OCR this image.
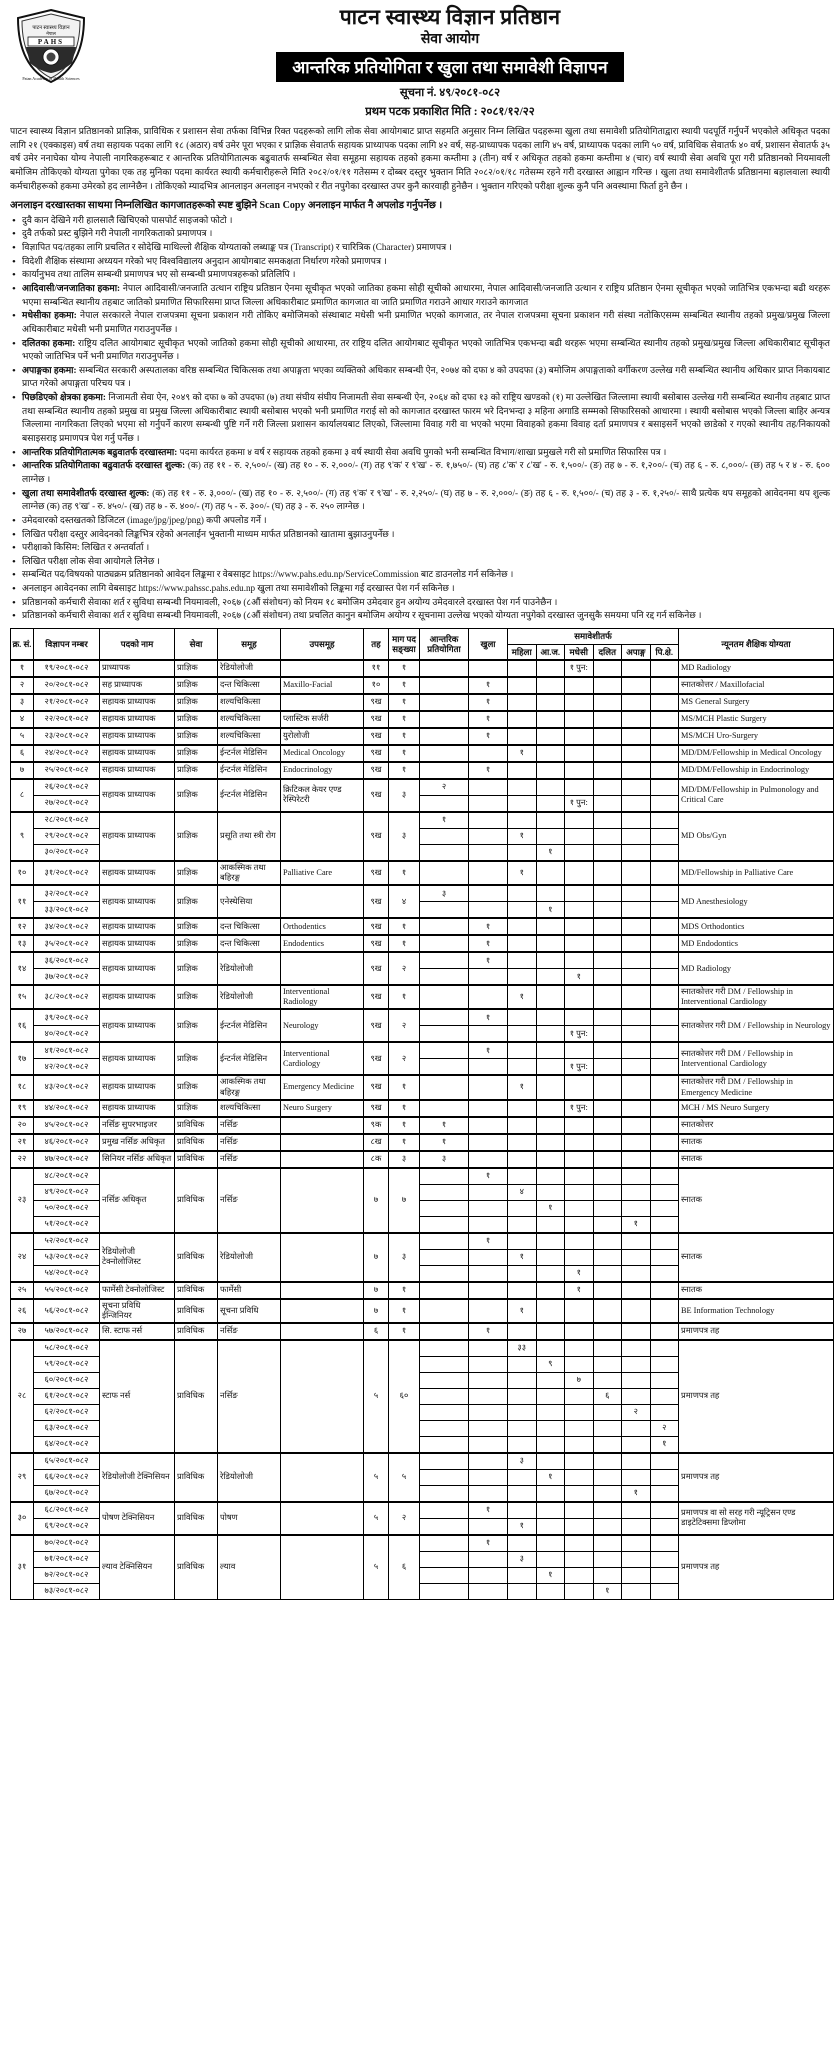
पाटन स्वास्थ्य विज्ञान
नेपाल
PAHS
Patan Academy of Health Sciences
पाटन स्वास्थ्य विज्ञान प्रतिष्ठान
सेवा आयोग
आन्तरिक प्रतियोगिता र खुला तथा समावेशी विज्ञापन
सूचना नं. ४९/२०८१-०८२
प्रथम पटक प्रकाशित मिति : २०८१/१२/२२
पाटन स्वास्थ्य विज्ञान प्रतिष्ठानको प्राज्ञिक, प्राविधिक र प्रशासन सेवा तर्फका विभिन्न रिक्त पदहरूको लागि लोक सेवा आयोगबाट प्राप्त सहमति अनुसार निम्न लिखित पदहरूमा खुला तथा समावेशी प्रतियोगिताद्वारा स्थायी पदपूर्ति गर्नुपर्ने भएकोले अधिकृत पदका लागि २१ (एक्काइस) वर्ष तथा सहायक पदका लागि १८ (अठार) वर्ष उमेर पूरा भएका र प्राज्ञिक सेवातर्फ सहायक प्राध्यापक पदका लागि ४२ वर्ष, सह-प्राध्यापक पदका लागि ४५ वर्ष, प्राध्यापक पदका लागि ५० वर्ष, प्राविधिक सेवातर्फ ४० वर्ष, प्रशासन सेवातर्फ ३५ वर्ष उमेर ननाघेका योग्य नेपाली नागरिकहरूबाट र आन्तरिक प्रतियोगितात्मक बढुवातर्फ सम्बन्धित सेवा समूहमा सहायक तहको हकमा कम्तीमा ३ (तीन) वर्ष र अधिकृत तहको हकमा कम्तीमा ४ (चार) वर्ष स्थायी सेवा अवधि पूरा गरी प्रतिष्ठानको नियमावली बमोजिम तोकिएको योग्यता पुगेका एक तह मुनिका पदमा कार्यरत स्थायी कर्मचारीहरूले मिति २०८२/०१/११ गतेसम्म र दोब्बर दस्तुर भुक्तान मिति २०८२/०१/१८ गतेसम्म रहने गरी दरखास्त आह्वान गरिन्छ । खुला तथा समावेशीतर्फ प्रतिष्ठानमा बहालवाला स्थायी कर्मचारीहरूको हकमा उमेरको हद लाग्नेछैन । तोकिएको म्यादभित्र आनलाइन अनलाइन नभएको र रीत नपुगेका दरखास्त उपर कुनै कारवाही हुनेछैन । भुक्तान गरिएको परीक्षा शुल्क कुनै पनि अवस्थामा फिर्ता हुने छैन ।
अनलाइन दरखास्तका साथमा निम्नलिखित कागजातहरूको स्पष्ट बुझिने Scan Copy अनलाइन मार्फत नै अपलोड गर्नुपर्नेछ ।
• दुवै कान देखिने गरी हालसालै खिचिएको पासपोर्ट साइजको फोटो ।
• दुवै तर्फको प्रस्ट बुझिने गरी नेपाली नागरिकताको प्रमाणपत्र ।
• विज्ञापित पद/तहका लागि प्रचलित र सोदेखि माथिल्लो शैक्षिक योग्यताको लब्धाङ्क पत्र (Transcript) र चारित्रिक (Character) प्रमाणपत्र ।
• विदेशी शैक्षिक संस्थामा अध्ययन गरेको भए विश्वविद्यालय अनुदान आयोगबाट समकक्षता निर्धारण गरेको प्रमाणपत्र ।
• कार्यानुभव तथा तालिम सम्बन्धी प्रमाणपत्र भए सो सम्बन्धी प्रमाणपत्रहरूको प्रतिलिपि ।
• आदिवासी/जनजातिका हकमा: नेपाल आदिवासी/जनजाति उत्थान राष्ट्रिय प्रतिष्ठान ऐनमा सूचीकृत भएको जातिका हकमा सोही सूचीको आधारमा, नेपाल आदिवासी/जनजाति उत्थान र राष्ट्रिय प्रतिष्ठान ऐनमा सूचीकृत भएको जातिभित्र एकभन्दा बढी थरहरू भएमा सम्बन्धित स्थानीय तहबाट जातिको प्रमाणित सिफारिसमा प्राप्त जिल्ला अधिकारीबाट प्रमाणित कागजात वा जाति प्रमाणित गराउने आधार गराउने कागजात
• मधेसीका हकमा: नेपाल सरकारले नेपाल राजपत्रमा सूचना प्रकाशन गरी तोकिए बमोजिमको संस्थाबाट मधेसी भनी प्रमाणित भएको कागजात, तर नेपाल राजपत्रमा सूचना प्रकाशन गरी संस्था नतोकिएसम्म सम्बन्धित स्थानीय तहको प्रमुख/प्रमुख जिल्ला अधिकारीबाट मधेसी भनी प्रमाणित गराउनुपर्नेछ ।
• दलितका हकमा: राष्ट्रिय दलित आयोगबाट सूचीकृत भएको जातिको हकमा सोही सूचीको आधारमा, तर राष्ट्रिय दलित आयोगबाट सूचीकृत भएको जातिभित्र एकभन्दा बढी थरहरू भएमा सम्बन्धित स्थानीय तहको प्रमुख/प्रमुख जिल्ला अधिकारीबाट सूचीकृत भएको जातिभित्र पर्ने भनी प्रमाणित गराउनुपर्नेछ ।
• अपाङ्गका हकमा: सम्बन्धित सरकारी अस्पतालका वरिष्ठ सम्बन्धित चिकित्सक तथा अपाङ्गता भएका व्यक्तिको अधिकार सम्बन्धी ऐन, २०७४ को दफा ४ को उपदफा (३) बमोजिम अपाङ्गताको वर्गीकरण उल्लेख गरी सम्बन्धित स्थानीय अधिकार प्राप्त निकायबाट प्राप्त गरेको अपाङ्गता परिचय पत्र ।
• पिछडिएको क्षेत्रका हकमा: निजामती सेवा ऐन, २०४९ को दफा ७ को उपदफा (७) तथा संघीय संघीय निजामती सेवा सम्बन्धी ऐन, २०६४ को दफा १३ को राष्ट्रिय खण्डको (१) मा उल्लेखित जिल्लामा स्थायी बसोबास उल्लेख गरी सम्बन्धित स्थानीय तहबाट प्राप्त तथा सम्बन्धित स्थानीय तहको प्रमुख वा प्रमुख जिल्ला अधिकारीबाट स्थायी बसोबास भएको भनी प्रमाणित गराई सो को कागजात दरखास्त फारम भरे दिनभन्दा ३ महिना अगाडि सम्म्मको सिफारिसको आधारमा । स्थायी बसोबास भएको जिल्ला बाहिर अन्यत्र जिल्लामा नागरिकता लिएको भएमा सो गर्नुपर्ने कारण सम्बन्धी पुष्टि गर्ने गरी जिल्ला प्रशासन कार्यालयबाट लिएको, जिल्लामा विवाह गरी वा भएको भएमा विवाहको हकमा विवाह दर्ता प्रमाणपत्र र बसाइसर्ने भएको छाडेको र गएको स्थानीय तह/निकायको बसाइसराइ प्रमाणपत्र पेश गर्नु पर्नेछ ।
• आन्तरिक प्रतियोगितात्मक बढुवातर्फ दरखास्तमा: पदमा कार्यरत हकमा ४ वर्ष र सहायक तहको हकमा ३ वर्ष स्थायी सेवा अवधि पुगको भनी सम्बन्धित विभाग/शाखा प्रमुखले गरी सो प्रमाणित सिफारिस पत्र ।
• आन्तरिक प्रतियोगिताका बढुवातर्फ दरखास्त शुल्क: (क) तह ११ - रु. २,५००/- (ख) तह १० - रु. २,०००/- (ग) तह ९'क' र ९'ख' - रु. १,७५०/- (घ) तह ८'क' र ८'ख' - रु. १,५००/- (ङ) तह ७ - रु. १,२००/- (च) तह ६ - रु. ८,०००/- (छ) तह ५ र ४ - रु. ६०० लाग्नेछ ।
• खुला तथा समावेशीतर्फ दरखास्त शुल्क: (क) तह ११ - रु. ३,०००/- (ख) तह १० - रु. २,५००/- (ग) तह ९'क' र ९'ख' - रु. २,२५०/- (घ) तह ७ - रु. २,०००/- (ङ) तह ६ - रु. १,५००/- (च) तह ३ - रु. १,२५०/- साथै प्रत्येक थप समूहको आवेदनमा थप शुल्क लाग्नेछ (क) तह ९'ख' - रु. ४५०/- (ख) तह ७ - रु. ४००/- (ग) तह ५ - रु. ३००/- (घ) तह ३ - रु. २५० लाग्नेछ ।
• उमेदवारको दस्तखतको डिजिटल (image/jpg/jpeg/png) कपी अपलोड गर्ने ।
• लिखित परीक्षा दस्तुर आवेदनको लिङ्कभित्र रहेको अनलाईन भुक्तानी माध्यम मार्फत प्रतिष्ठानको खातामा बुझाउनुपर्नेछ ।
• परीक्षाको किसिम: लिखित र अन्तर्वार्ता ।
• लिखित परीक्षा लोक सेवा आयोगले लिनेछ ।
• सम्बन्धित पद/विषयको पाठ्यक्रम प्रतिष्ठानको आवेदन लिङ्कमा र वेबसाइट https://www.pahs.edu.np/ServiceCommission बाट डाउनलोड गर्न सकिनेछ ।
• अनलाइन आवेदनका लागि वेबसाइट https://www.pahssc.pahs.edu.np खुला तथा समावेशीको लिङ्कमा गई दरखास्त पेश गर्न सकिनेछ ।
• प्रतिष्ठानको कर्मचारी सेवाका शर्त र सुविधा सम्बन्धी नियमावली, २०६७ (८औं संशोधन) को नियम १८ बमोजिम उमेदवार हुन अयोग्य उमेदवारले दरखास्त पेश गर्न पाउनेछैन ।
• प्रतिष्ठानको कर्मचारी सेवाका शर्त र सुविधा सम्बन्धी नियमावली, २०६७ (८औं संशोधन) तथा प्रचलित कानुन बमोजिम अयोग्य र सूचनामा उल्लेख भएको योग्यता नपुगेको दरखास्त जुनसुकै समयमा पनि रद्द गर्न सकिनेछ ।
क्र. सं.	विज्ञापन नम्बर	पदको नाम	सेवा	समूह	उपसमूह	तह	माग पद सङ्ख्या	आन्तरिक प्रतियोगिता	खुला	समावेशीतर्फ						न्यूनतम शैक्षिक योग्यता
										महिला	आ.ज.	मधेसी	दलित	अपाङ्ग	पि.क्षे.	
१	१९/२०८१-०८२	प्राध्यापक	प्राज्ञिक	रेडियोलोजी		११	१					१ पुन:				MD Radiology
२	२०/२०८१-०८२	सह प्राध्यापक	प्राज्ञिक	दन्त चिकित्सा	Maxillo-Facial	१०	१		१							स्नातकोत्तर / Maxillofacial
३	२१/२०८१-०८२	सहायक प्राध्यापक	प्राज्ञिक	शल्यचिकित्सा		९ख	१		१							MS General Surgery
४	२२/२०८१-०८२	सहायक प्राध्यापक	प्राज्ञिक	शल्यचिकित्सा	प्लास्टिक सर्जरी	९ख	१		१							MS/MCH Plastic Surgery
५	२३/२०८१-०८२	सहायक प्राध्यापक	प्राज्ञिक	शल्यचिकित्सा	युरोलोजी	९ख	१		१							MS/MCH Uro-Surgery
६	२४/२०८१-०८२	सहायक प्राध्यापक	प्राज्ञिक	ईन्टर्नल मेडिसिन	Medical Oncology	९ख	१			१						MD/DM/Fellowship in Medical Oncology
७	२५/२०८१-०८२	सहायक प्राध्यापक	प्राज्ञिक	ईन्टर्नल मेडिसिन	Endocrinology	९ख	१		१							MD/DM/Fellowship in Endocrinology
८	२६/२०८१-०८२	सहायक प्राध्यापक	प्राज्ञिक	ईन्टर्नल मेडिसिन	क्रिटिकल केयर एण्ड रेस्पिरेटरी	९ख	३	२								MD/DM/Fellowship in Pulmonology and Critical Care
	२७/२०८१-०८२											१ पुन:				
९	२८/२०८१-०८२	सहायक प्राध्यापक	प्राज्ञिक	प्रसूति तथा स्त्री रोग		९ख	३	१								MD Obs/Gyn
	२९/२०८१-०८२									१						
	३०/२०८१-०८२										१					
१०	३१/२०८१-०८२	सहायक प्राध्यापक	प्राज्ञिक	आकस्मिक तथा बहिरङ्ग	Palliative Care	९ख	१			१						MD/Fellowship in Palliative Care
११	३२/२०८१-०८२	सहायक प्राध्यापक	प्राज्ञिक	एनेस्थेसिया		९ख	४	३								MD Anesthesiology
	३३/२०८१-०८२										१					
१२	३४/२०८१-०८२	सहायक प्राध्यापक	प्राज्ञिक	दन्त चिकित्सा	Orthodentics	९ख	१		१							MDS Orthodontics
१३	३५/२०८१-०८२	सहायक प्राध्यापक	प्राज्ञिक	दन्त चिकित्सा	Endodentics	९ख	१		१							MD Endodontics
१४	३६/२०८१-०८२	सहायक प्राध्यापक	प्राज्ञिक	रेडियोलोजी		९ख	२		१							MD Radiology
	३७/२०८१-०८२											१				
१५	३८/२०८१-०८२	सहायक प्राध्यापक	प्राज्ञिक	रेडियोलोजी	Interventional Radiology	९ख	१			१						स्नातकोत्तर गरी DM / Fellowship in Interventional Cardiology
१६	३९/२०८१-०८२	सहायक प्राध्यापक	प्राज्ञिक	ईन्टर्नल मेडिसिन	Neurology	९ख	२		१							स्नातकोत्तर गरी DM / Fellowship in Neurology
	४०/२०८१-०८२											१ पुन:				
१७	४१/२०८१-०८२	सहायक प्राध्यापक	प्राज्ञिक	ईन्टर्नल मेडिसिन	Interventional Cardiology	९ख	२		१							स्नातकोत्तर गरी DM / Fellowship in Interventional Cardiology
	४२/२०८१-०८२											१ पुन:				
१८	४३/२०८१-०८२	सहायक प्राध्यापक	प्राज्ञिक	आकस्मिक तथा बहिरङ्ग	Emergency Medicine	९ख	१			१						स्नातकोत्तर गरी DM / Fellowship in Emergency Medicine
१९	४४/२०८१-०८२	सहायक प्राध्यापक	प्राज्ञिक	शल्यचिकित्सा	Neuro Surgery	९ख	१					१ पुन:				MCH / MS Neuro Surgery
२०	४५/२०८१-०८२	नर्सिङ सुपरभाइजर	प्राविधिक	नर्सिङ		९क	१	१								स्नातकोत्तर
२१	४६/२०८१-०८२	प्रमुख नर्सिङ अधिकृत	प्राविधिक	नर्सिङ		८ख	१	१								स्नातक
२२	४७/२०८१-०८२	सिनियर नर्सिङ अधिकृत	प्राविधिक	नर्सिङ		८क	३	३								स्नातक
२३	४८/२०८१-०८२	नर्सिङ अधिकृत	प्राविधिक	नर्सिङ		७	७		१							स्नातक
	४९/२०८१-०८२									४						
	५०/२०८१-०८२										१					
	५१/२०८१-०८२													१		
२४	५२/२०८१-०८२	रेडियोलोजी टेक्नोलोजिस्ट	प्राविधिक	रेडियोलोजी		७	३		१							स्नातक
	५३/२०८१-०८२									१						
	५४/२०८१-०८२											१				
२५	५५/२०८१-०८२	फार्मेसी टेक्नोलोजिस्ट	प्राविधिक	फार्मेसी		७	१					१				स्नातक
२६	५६/२०८१-०८२	सूचना प्रविधि ईन्जिनियर	प्राविधिक	सूचना प्रविधि		७	१			१						BE Information Technology
२७	५७/२०८१-०८२	सि. स्टाफ नर्स	प्राविधिक	नर्सिङ		६	१		१							प्रमाणपत्र तह
२८	५८/२०८१-०८२	स्टाफ नर्स	प्राविधिक	नर्सिङ		५	६०			३३						प्रमाणपत्र तह
	५९/२०८१-०८२										९					
	६०/२०८१-०८२											७				
	६१/२०८१-०८२												६			
	६२/२०८१-०८२													२		
	६३/२०८१-०८२														२	
	६४/२०८१-०८२														१	
२९	६५/२०८१-०८२	रेडियोलोजी टेक्निसियन	प्राविधिक	रेडियोलोजी		५	५			३						प्रमाणपत्र तह
	६६/२०८१-०८२										१					
	६७/२०८१-०८२													१		
३०	६८/२०८१-०८२	पोषण टेक्निसियन	प्राविधिक	पोषण		५	२		१							प्रमाणपत्र वा सो सरह गरी न्यूट्रिसन एण्ड डाइटेटिक्समा डिप्लोमा
	६९/२०८१-०८२									१						
३१	७०/२०८१-०८२	ल्याव टेक्निसियन	प्राविधिक	ल्याव		५	६		१							प्रमाणपत्र तह
	७१/२०८१-०८२									३						
	७२/२०८१-०८२										१					
	७३/२०८१-०८२												१			
